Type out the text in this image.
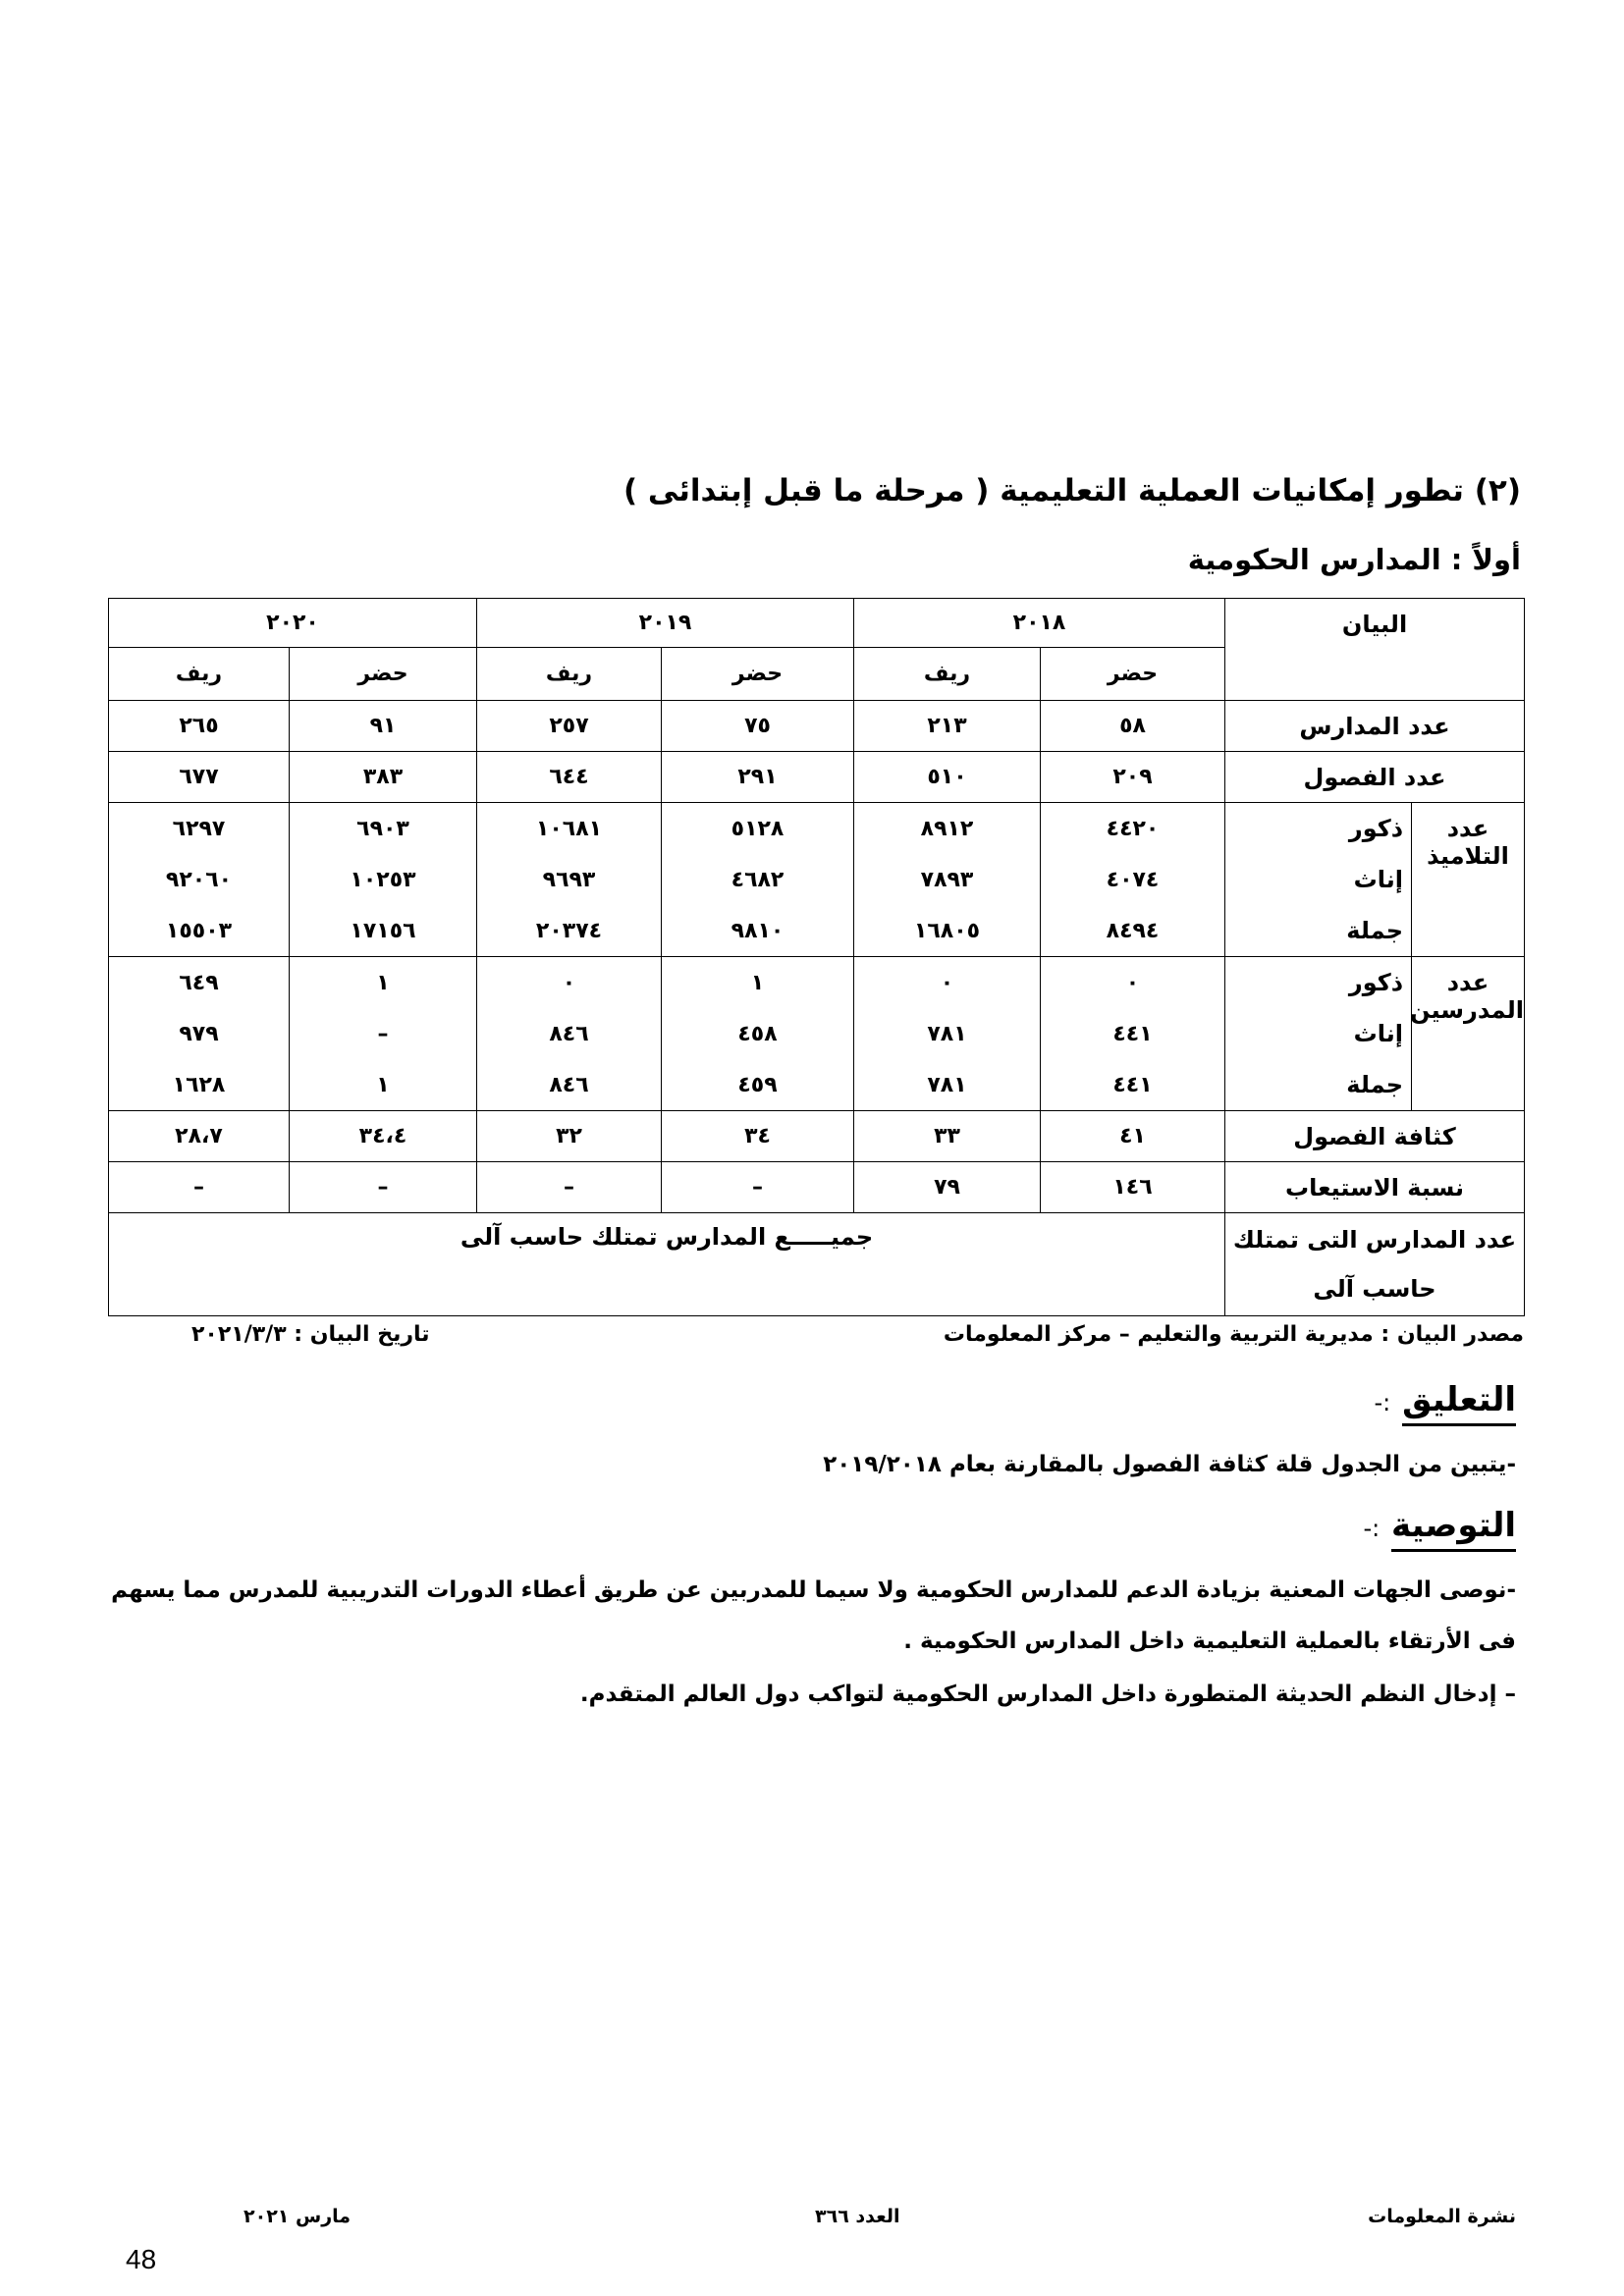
(٢) تطور إمكانيات العملية التعليمية ( مرحلة ما قبل إبتدائى )
أولاً : المدارس الحكومية
البيان		٢٠١٨		٢٠١٩		٢٠٢٠	
		حضر	ريف	حضر	ريف	حضر	ريف
عدد المدارس		٥٨	٢١٣	٧٥	٢٥٧	٩١	٢٦٥
عدد الفصول		٢٠٩	٥١٠	٢٩١	٦٤٤	٣٨٣	٦٧٧
عدد التلاميذ	ذكور	٤٤٢٠	٨٩١٢	٥١٢٨	١٠٦٨١	٦٩٠٣	٦٢٩٧
	إناث	٤٠٧٤	٧٨٩٣	٤٦٨٢	٩٦٩٣	١٠٢٥٣	٩٢٠٦٠
	جملة	٨٤٩٤	١٦٨٠٥	٩٨١٠	٢٠٣٧٤	١٧١٥٦	١٥٥٠٣
عدد المدرسين	ذكور	٠	٠	١	٠	١	٦٤٩
	إناث	٤٤١	٧٨١	٤٥٨	٨٤٦	–	٩٧٩
	جملة	٤٤١	٧٨١	٤٥٩	٨٤٦	١	١٦٢٨
كثافة الفصول		٤١	٣٣	٣٤	٣٢	٣٤،٤	٢٨،٧
نسبة الاستيعاب		١٤٦	٧٩	–	–	–	–

عدد المدارس التى تمتلك
حاسب آلى		جميـــــع المدارس تمتلك حاسب آلى					
مصدر البيان : مديرية التربية والتعليم – مركز المعلومات
تاريخ البيان : ٢٠٢١/٣/٣
التعليق :-
-يتبين من الجدول قلة كثافة الفصول بالمقارنة بعام ٢٠١٩/٢٠١٨
التوصية :-
-نوصى الجهات المعنية بزيادة الدعم للمدارس الحكومية ولا سيما للمدربين عن طريق أعطاء الدورات التدريبية للمدرس مما يسهم فى الأرتقاء بالعملية التعليمية داخل المدارس الحكومية .
– إدخال النظم الحديثة المتطورة داخل المدارس الحكومية لتواكب دول العالم المتقدم.
نشرة المعلومات
العدد ٣٦٦
مارس ٢٠٢١
48
